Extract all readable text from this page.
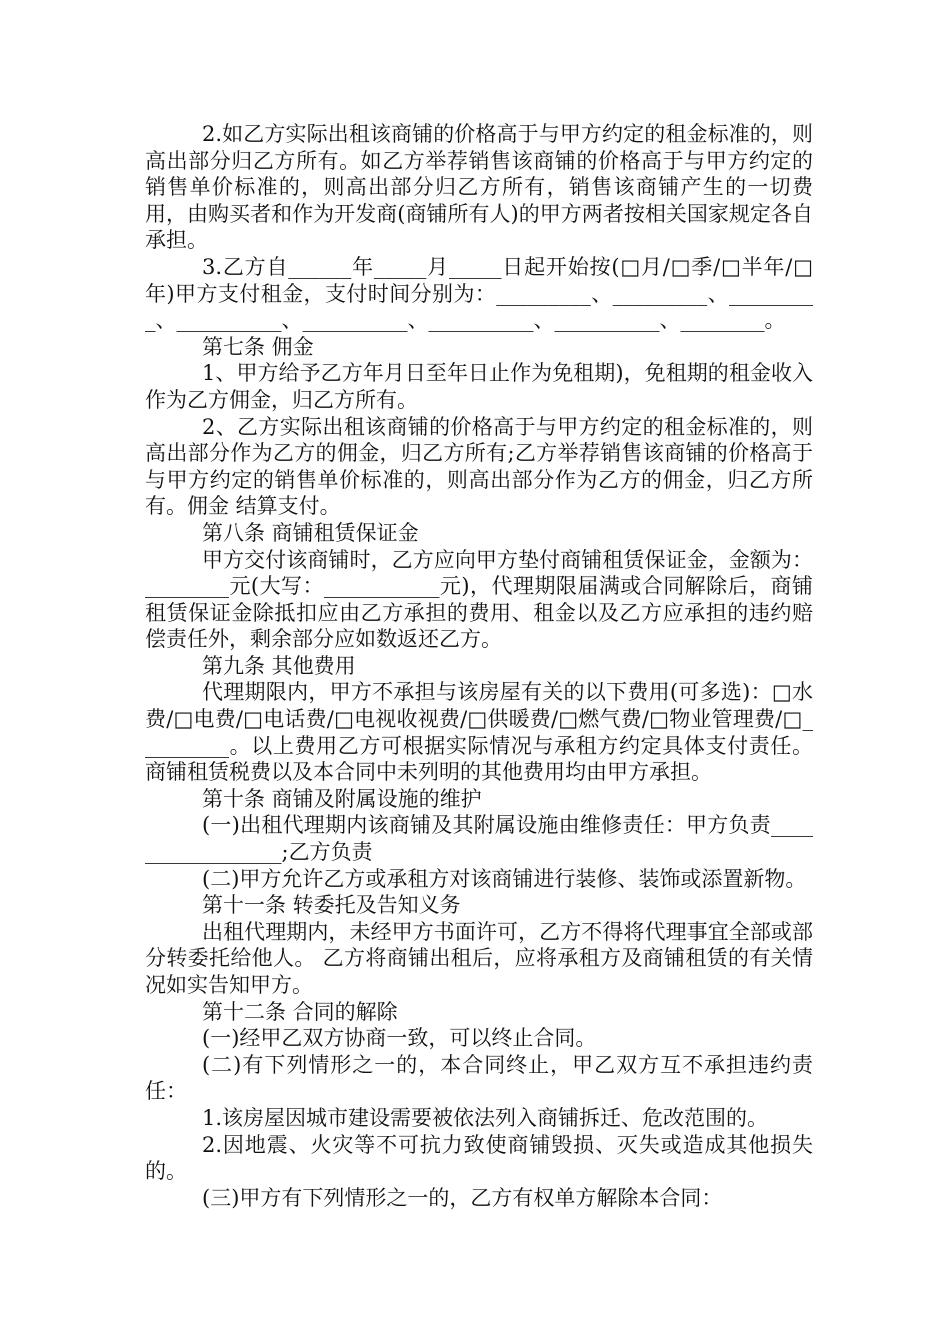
2.如乙方实际出租该商铺的价格高于与甲方约定的租金标准的，则高出部分归乙方所有。如乙方举荐销售该商铺的价格高于与甲方约定的销售单价标准的，则高出部分归乙方所有，销售该商铺产生的一切费用，由购买者和作为开发商(商铺所有人)的甲方两者按相关国家规定各自承担。

3.乙方自______年_____月_____日起开始按(□月/□季/□半年/□年)甲方支付租金，支付时间分别为：_________、_________、_________、__________、__________、__________、__________、________。

第七条 佣金

1、甲方给予乙方年月日至年日止作为免租期)，免租期的租金收入作为乙方佣金，归乙方所有。

2、乙方实际出租该商铺的价格高于与甲方约定的租金标准的，则高出部分作为乙方的佣金，归乙方所有;乙方举荐销售该商铺的价格高于与甲方约定的销售单价标准的，则高出部分作为乙方的佣金，归乙方所有。佣金 结算支付。

第八条 商铺租赁保证金

甲方交付该商铺时，乙方应向甲方垫付商铺租赁保证金，金额为：________元(大写：___________元)，代理期限届满或合同解除后，商铺租赁保证金除抵扣应由乙方承担的费用、租金以及乙方应承担的违约赔偿责任外，剩余部分应如数返还乙方。

第九条 其他费用

代理期限内，甲方不承担与该房屋有关的以下费用(可多选)：□水费/□电费/□电话费/□电视收视费/□供暖费/□燃气费/□物业管理费/□_________。以上费用乙方可根据实际情况与承租方约定具体支付责任。商铺租赁税费以及本合同中未列明的其他费用均由甲方承担。

第十条 商铺及附属设施的维护

(一)出租代理期内该商铺及其附属设施由维修责任：甲方负责_________________;乙方负责

(二)甲方允许乙方或承租方对该商铺进行装修、装饰或添置新物。

第十一条 转委托及告知义务

出租代理期内，未经甲方书面许可，乙方不得将代理事宜全部或部分转委托给他人。 乙方将商铺出租后，应将承租方及商铺租赁的有关情况如实告知甲方。

第十二条 合同的解除

(一)经甲乙双方协商一致，可以终止合同。

(二)有下列情形之一的，本合同终止，甲乙双方互不承担违约责任：

1.该房屋因城市建设需要被依法列入商铺拆迁、危改范围的。

2.因地震、火灾等不可抗力致使商铺毁损、灭失或造成其他损失的。

(三)甲方有下列情形之一的，乙方有权单方解除本合同：
